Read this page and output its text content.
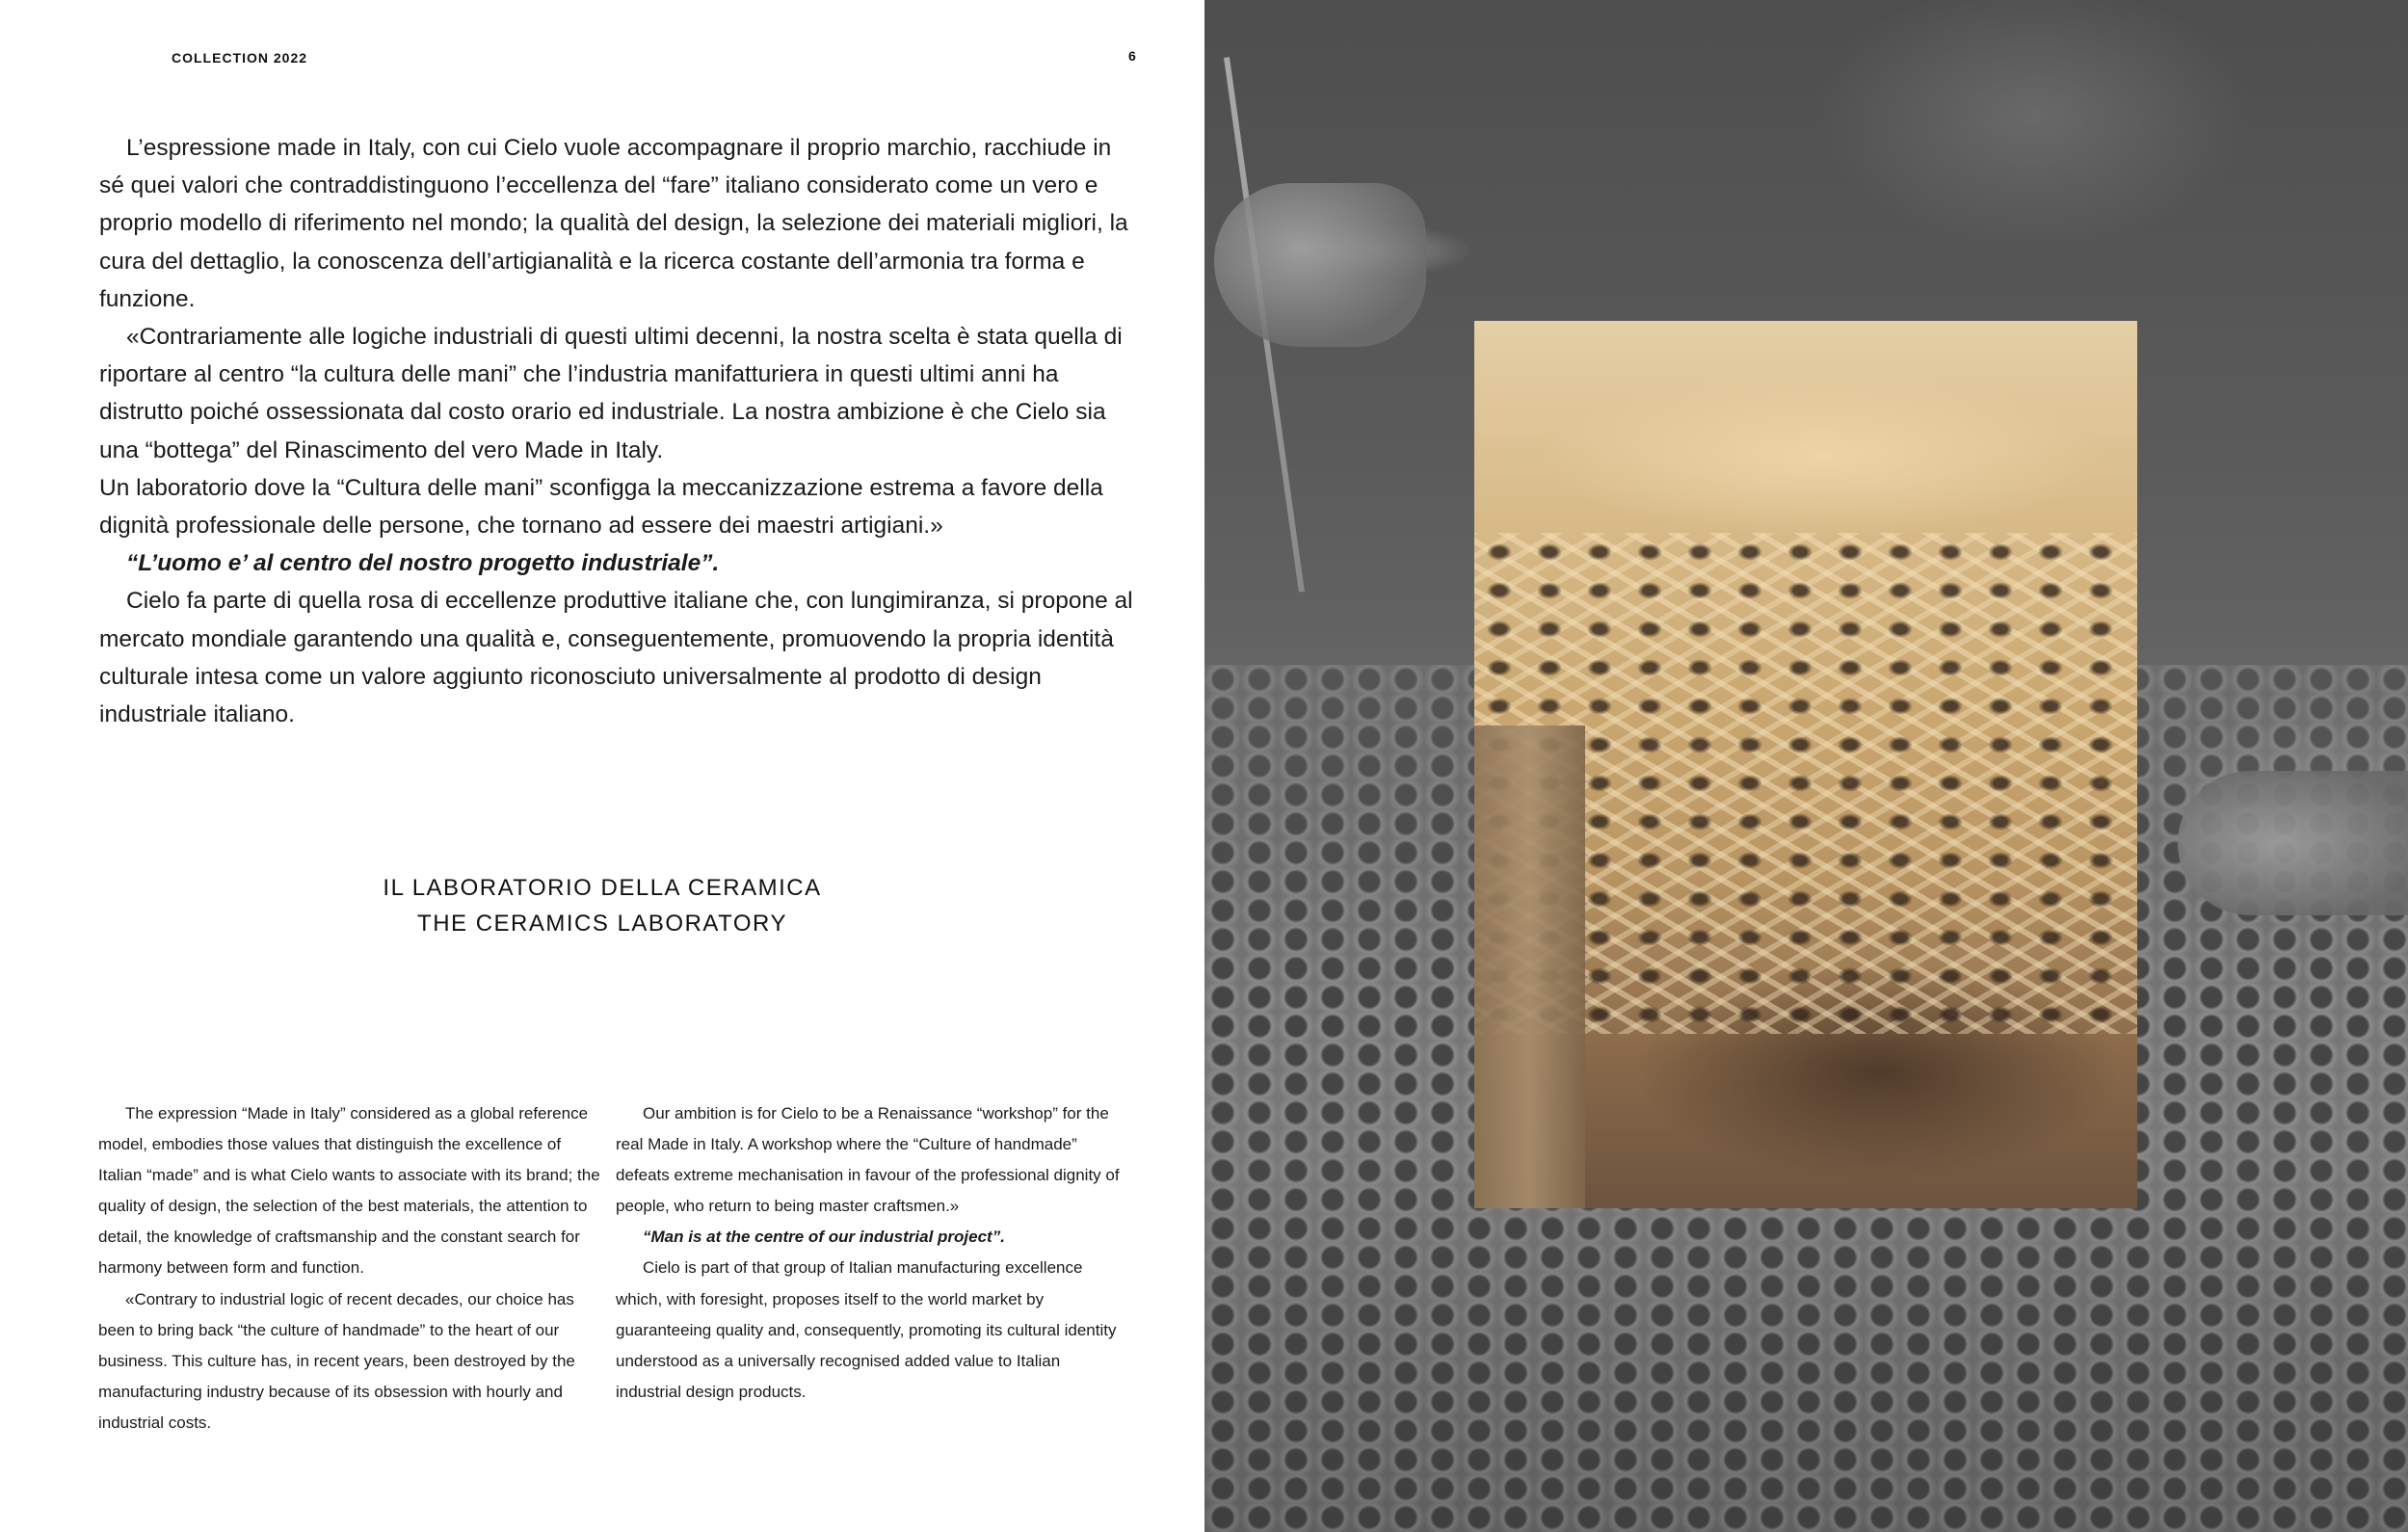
COLLECTION 2022	6

L’espressione made in Italy, con cui Cielo vuole accompagnare il proprio marchio, racchiude in sé quei valori che contraddistinguono l’eccellenza del “fare” italiano considerato come un vero e proprio modello di riferimento nel mondo; la qualità del design, la selezione dei materiali migliori, la cura del dettaglio, la conoscenza dell’artigianalità e la ricerca costante dell’armonia tra forma e funzione.

«Contrariamente alle logiche industriali di questi ultimi decenni, la nostra scelta è stata quella di riportare al centro “la cultura delle mani” che l’industria manifatturiera in questi ultimi anni ha distrutto poiché ossessionata dal costo orario ed industriale. La nostra ambizione è che Cielo sia una “bottega” del Rinascimento del vero Made in Italy.

Un laboratorio dove la “Cultura delle mani” sconfigga la meccanizzazione estrema a favore della dignità professionale delle persone, che tornano ad essere dei maestri artigiani.»

“L’uomo e’ al centro del nostro progetto industriale”.

Cielo fa parte di quella rosa di eccellenze produttive italiane che, con lungimiranza, si propone al mercato mondiale garantendo una qualità e, conseguentemente, promuovendo la propria identità culturale intesa come un valore aggiunto riconosciuto universalmente al prodotto di design industriale italiano.

IL LABORATORIO DELLA CERAMICA
THE CERAMICS LABORATORY

The expression “Made in Italy” considered as a global reference model, embodies those values that distinguish the excellence of Italian “made” and is what Cielo wants to associate with its brand; the quality of design, the selection of the best materials, the attention to detail, the knowledge of craftsmanship and the constant search for harmony between form and function.

«Contrary to industrial logic of recent decades, our choice has been to bring back “the culture of handmade” to the heart of our business. This culture has, in recent years, been destroyed by the manufacturing industry because of its obsession with hourly and industrial costs.

Our ambition is for Cielo to be a Renaissance “workshop” for the real Made in Italy. A workshop where the “Culture of handmade” defeats extreme mechanisation in favour of the professional dignity of people, who return to being master craftsmen.»

“Man is at the centre of our industrial project”.

Cielo is part of that group of Italian manufacturing excellence which, with foresight, proposes itself to the world market by guaranteeing quality and, consequently, promoting its cultural identity understood as a universally recognised added value to Italian industrial design products.
